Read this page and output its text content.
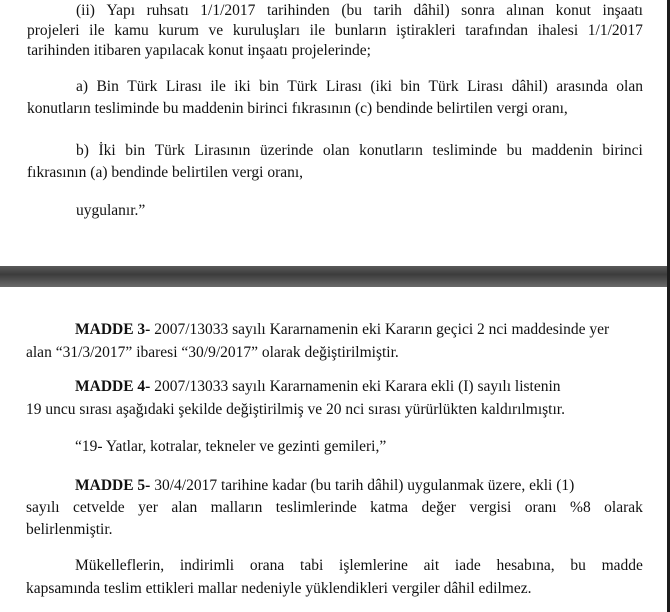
(ii) Yapı ruhsatı 1/1/2017 tarihinden (bu tarih dâhil) sonra alınan konut inşaatı
projeleri ile kamu kurum ve kuruluşları ile bunların iştirakleri tarafından ihalesi 1/1/2017
tarihinden itibaren yapılacak konut inşaatı projelerinde;
a) Bin Türk Lirası ile iki bin Türk Lirası (iki bin Türk Lirası dâhil) arasında olan
konutların tesliminde bu maddenin birinci fıkrasının (c) bendinde belirtilen vergi oranı,
b) İki bin Türk Lirasının üzerinde olan konutların tesliminde bu maddenin birinci
fıkrasının (a) bendinde belirtilen vergi oranı,
uygulanır.”
MADDE 3- 2007/13033 sayılı Kararnamenin eki Kararın geçici 2 nci maddesinde yer
alan “31/3/2017” ibaresi “30/9/2017” olarak değiştirilmiştir.
MADDE 4- 2007/13033 sayılı Kararnamenin eki Karara ekli (I) sayılı listenin
19 uncu sırası aşağıdaki şekilde değiştirilmiş ve 20 nci sırası yürürlükten kaldırılmıştır.
“19- Yatlar, kotralar, tekneler ve gezinti gemileri,”
MADDE 5- 30/4/2017 tarihine kadar (bu tarih dâhil) uygulanmak üzere, ekli (1)
sayılı cetvelde yer alan malların teslimlerinde katma değer vergisi oranı %8 olarak
belirlenmiştir.
Mükelleflerin, indirimli orana tabi işlemlerine ait iade hesabına, bu madde
kapsamında teslim ettikleri mallar nedeniyle yüklendikleri vergiler dâhil edilmez.
